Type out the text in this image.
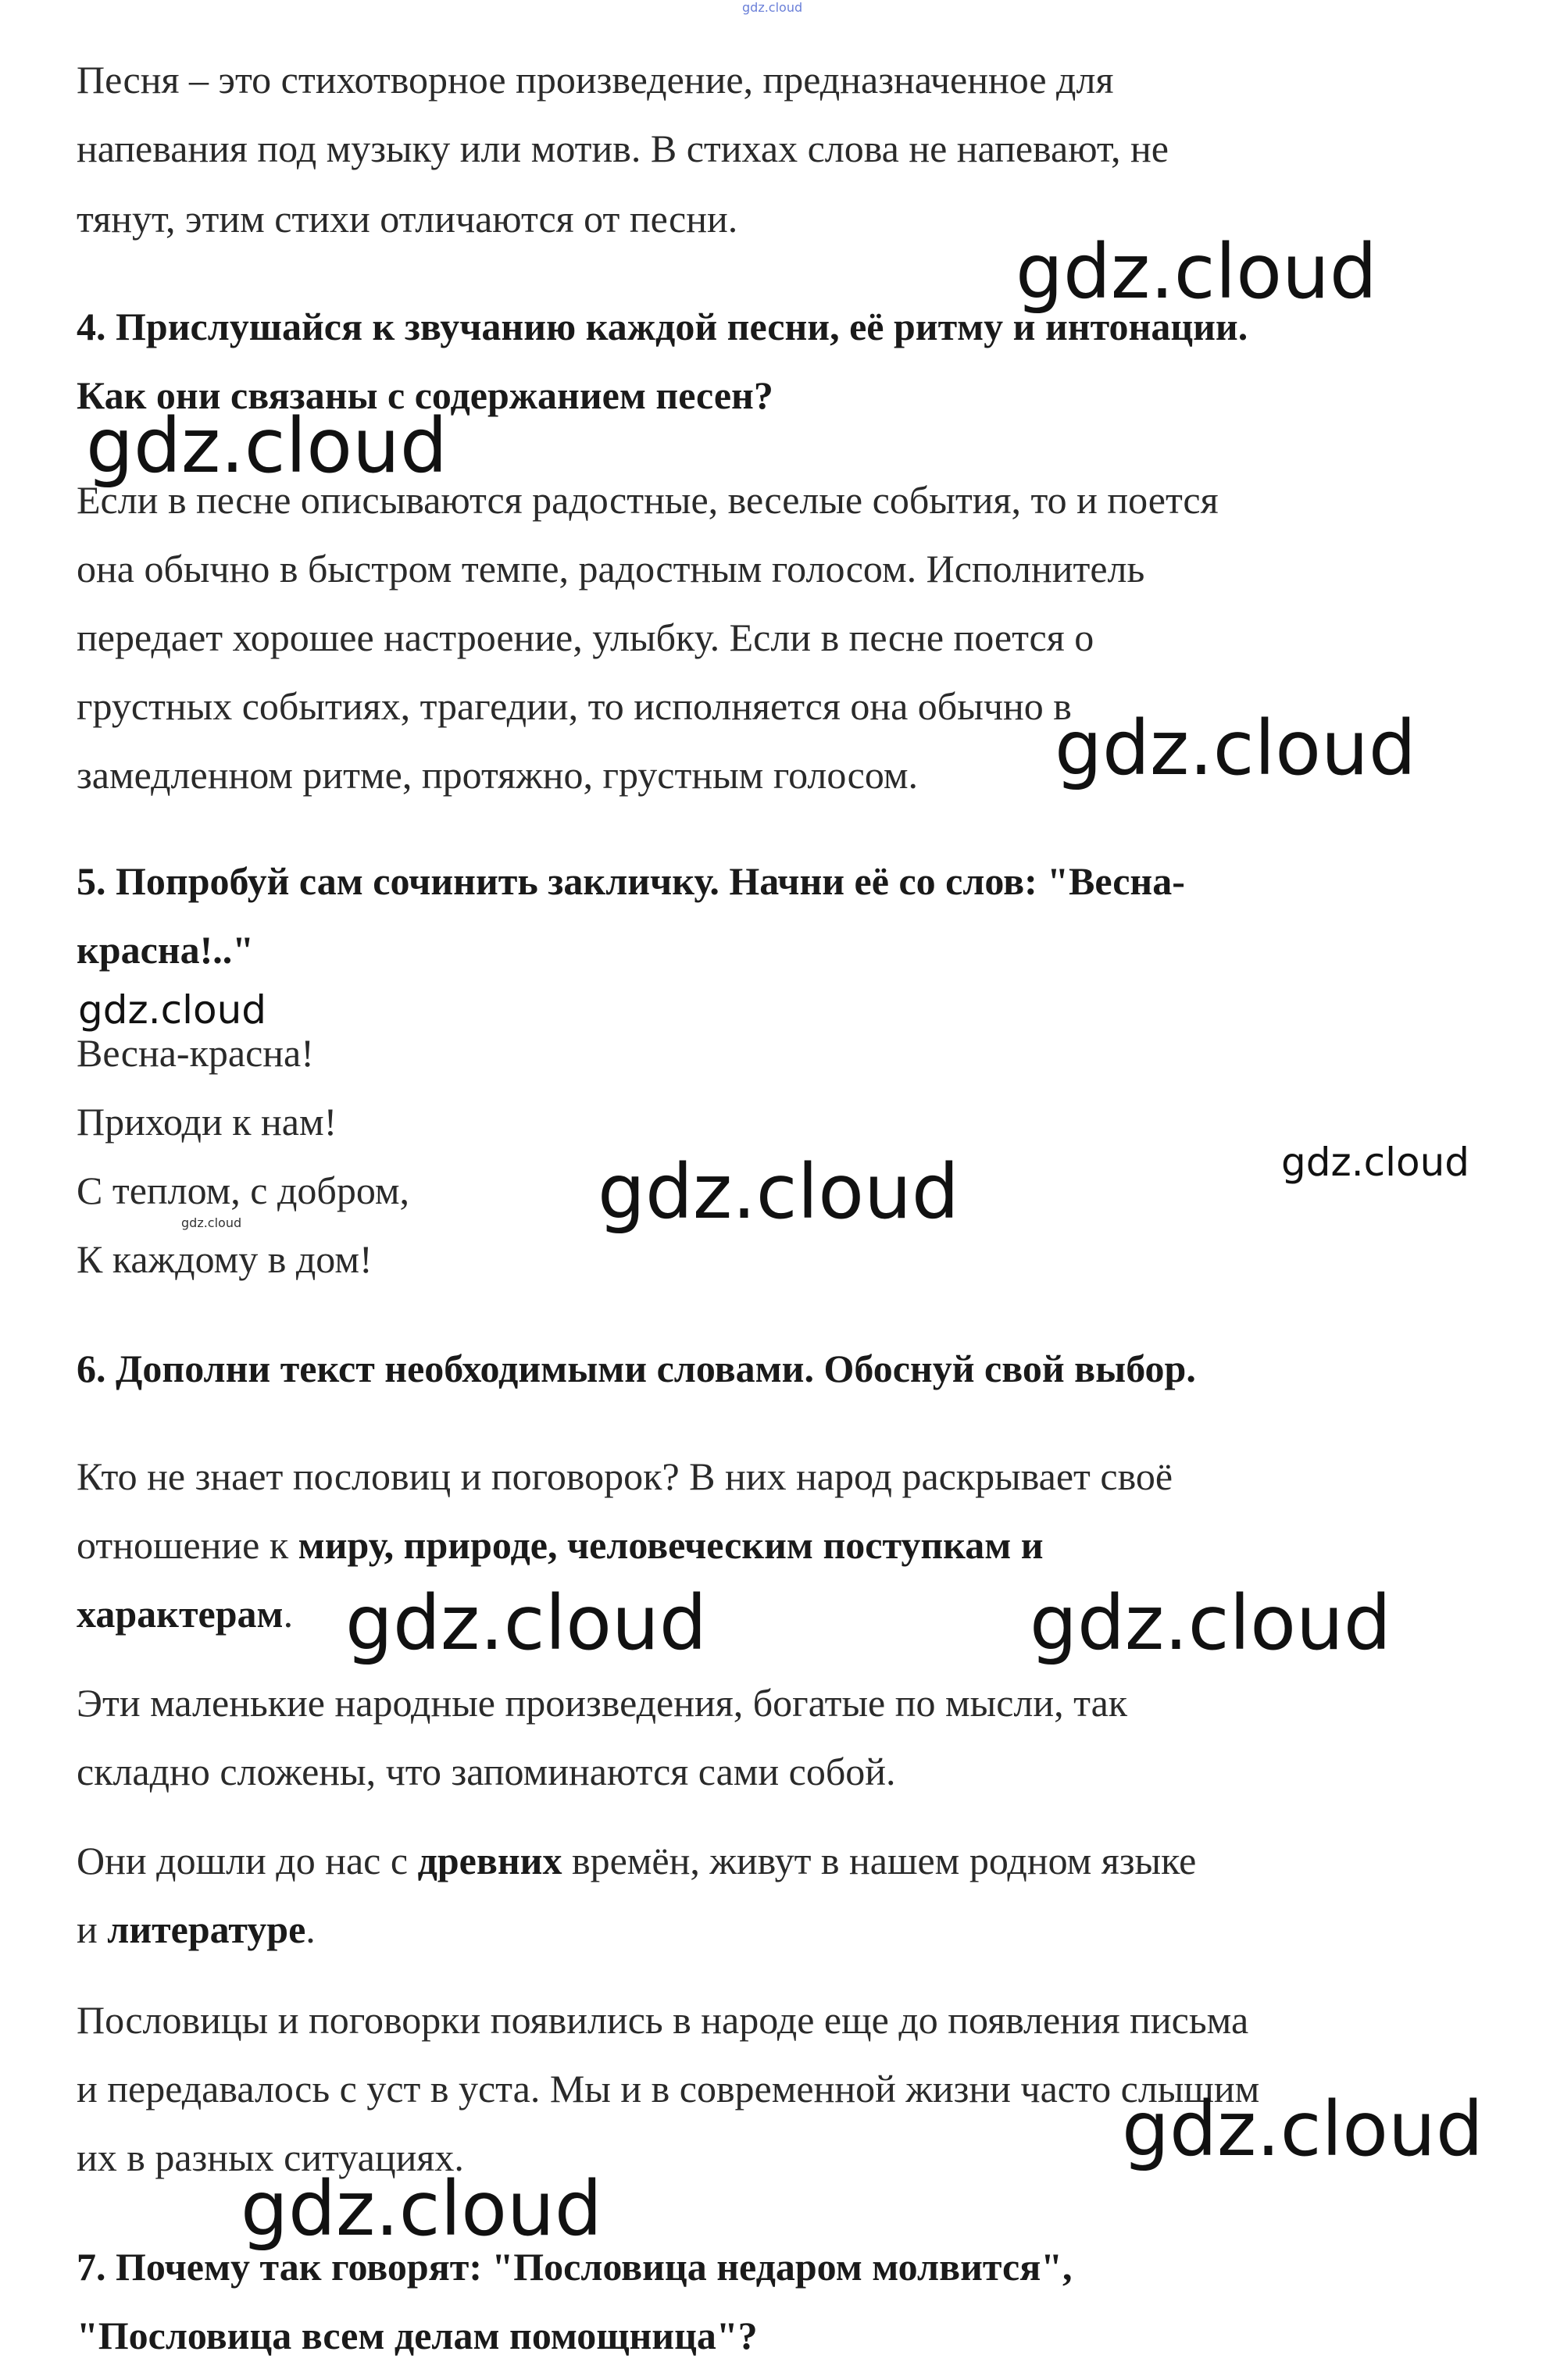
gdz.cloud
Песня – это стихотворное произведение, предназначенное для
напевания под музыку или мотив. В стихах слова не напевают, не
тянут, этим стихи отличаются от песни.
4. Прислушайся к звучанию каждой песни, её ритму и интонации.
Как они связаны с содержанием песен?
Если в песне описываются радостные, веселые события, то и поется
она обычно в быстром темпе, радостным голосом. Исполнитель
передает хорошее настроение, улыбку. Если в песне поется о
грустных событиях, трагедии, то исполняется она обычно в
замедленном ритме, протяжно, грустным голосом.
5. Попробуй сам сочинить закличку. Начни её со слов: "Весна-
красна!.."
Весна-красна!
Приходи к нам!
С теплом, с добром,
К каждому в дом!
6. Дополни текст необходимыми словами. Обоснуй свой выбор.
Кто не знает пословиц и поговорок? В них народ раскрывает своё
отношение к миру, природе, человеческим поступкам и
характерам.
Эти маленькие народные произведения, богатые по мысли, так
складно сложены, что запоминаются сами собой.
Они дошли до нас с древних времён, живут в нашем родном языке
и литературе.
Пословицы и поговорки появились в народе еще до появления письма
и передавалось с уст в уста. Мы и в современной жизни часто слышим
их в разных ситуациях.
7. Почему так говорят: "Пословица недаром молвится",
"Пословица всем делам помощница"?
gdz.cloud
gdz.cloud
gdz.cloud
gdz.cloud
gdz.cloud	gdz.cloud
gdz.cloud
gdz.cloud	gdz.cloud
gdz.cloud
gdz.cloud
